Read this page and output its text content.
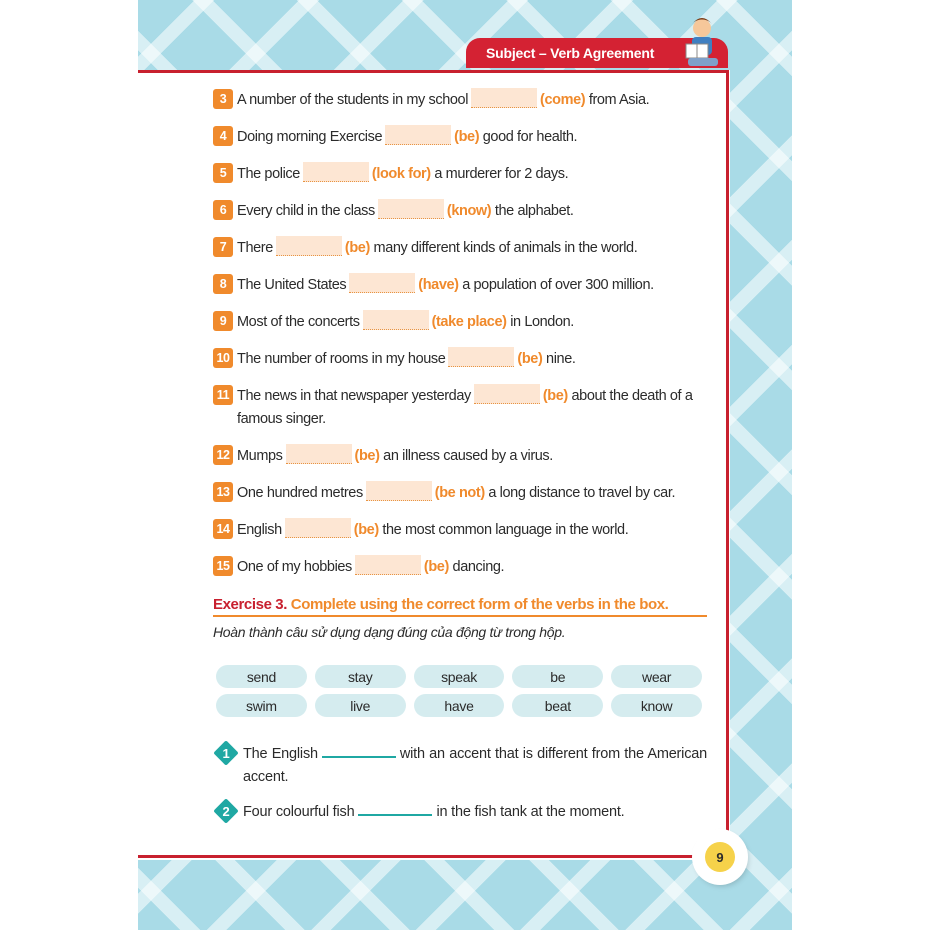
Subject – Verb Agreement
3 A number of the students in my school	(come) from Asia.
4 Doing morning Exercise	(be) good for health.
5 The police	(look for) a murderer for 2 days.
6 Every child in the class	(know) the alphabet.
7 There	(be) many different kinds of animals in the world.
8 The United States	(have) a population of over 300 million.
9 Most of the concerts	(take place) in London.
10 The number of rooms in my house	(be) nine.
11 The news in that newspaper yesterday	(be) about the death of a famous singer.
12 Mumps	(be) an illness caused by a virus.
13 One hundred metres	(be not) a long distance to travel by car.
14 English	(be) the most common language in the world.
15 One of my hobbies	(be) dancing.
Exercise 3. Complete using the correct form of the verbs in the box.
Hoàn thành câu sử dụng dạng đúng của động từ trong hộp.
send	stay	speak	be	wear
swim	live	have	beat	know
1 The English	with an accent that is different from the American accent.
2 Four colourful fish	in the fish tank at the moment.
9
